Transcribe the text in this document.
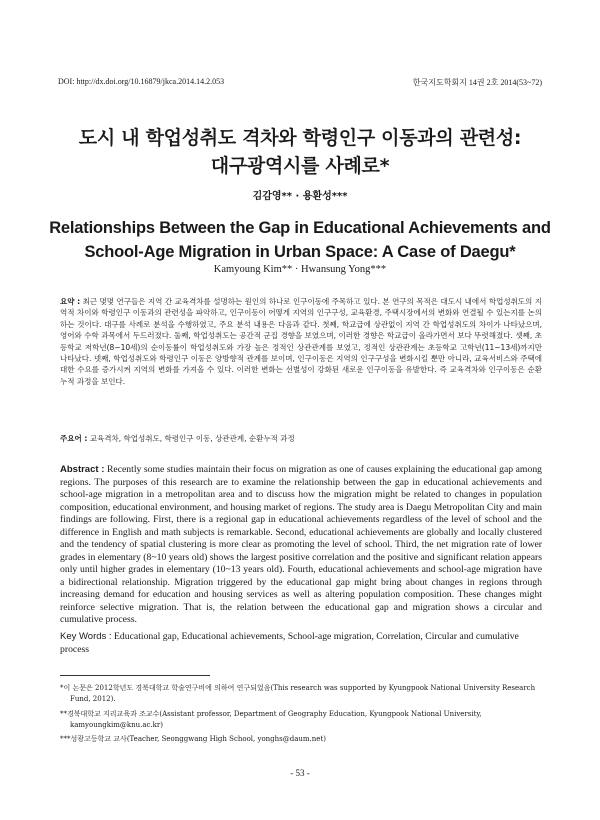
DOI: http://dx.doi.org/10.16879/jkca.2014.14.2.053	한국지도학회지 14권 2호 2014(53~72)
도시 내 학업성취도 격차와 학령인구 이동과의 관련성:
대구광역시를 사례로*
김감영** · 용환성***
Relationships Between the Gap in Educational Achievements and
School-Age Migration in Urban Space: A Case of Daegu*
Kamyoung Kim** · Hwansung Yong***
요약 : 최근 몇몇 연구들은 지역 간 교육격차를 설명하는 원인의 하나로 인구이동에 주목하고 있다. 본 연구의 목적은 대도시 내에서 학업성취도의 지역적 차이와 학령인구 이동과의 관련성을 파악하고, 인구이동이 어떻게 지역의 인구구성, 교육환경, 주택시장에서의 변화와 연결될 수 있는지를 논의하는 것이다. 대구를 사례로 분석을 수행하였고, 주요 분석 내용은 다음과 같다. 첫째, 학교급에 상관없이 지역 간 학업성취도의 차이가 나타났으며, 영어와 수학 과목에서 두드러졌다. 둘째, 학업성취도는 공간적 군집 경향을 보였으며, 이러한 경향은 학교급이 올라가면서 보다 뚜렷해졌다. 셋째, 초등학교 저학년(8~10세)의 순이동률이 학업성취도와 가장 높은 정적인 상관관계를 보였고, 정적인 상관관계는 초등학교 고학년(11~13세)까지만 나타났다. 넷째, 학업성취도와 학령인구 이동은 양방향적 관계를 보이며, 인구이동은 지역의 인구구성을 변화시킬 뿐만 아니라, 교육서비스와 주택에 대한 수요를 증가시켜 지역의 변화를 가져올 수 있다. 이러한 변화는 선별성이 강화된 새로운 인구이동을 유발한다. 즉 교육격차와 인구이동은 순환누적 과정을 보인다.
주요어 : 교육격차, 학업성취도, 학령인구 이동, 상관관계, 순환누적 과정
Abstract : Recently some studies maintain their focus on migration as one of causes explaining the educational gap among regions. The purposes of this research are to examine the relationship between the gap in educational achievements and school-age migration in a metropolitan area and to discuss how the migration might be related to changes in population composition, educational environment, and housing market of regions. The study area is Daegu Metropolitan City and main findings are following. First, there is a regional gap in educational achievements regardless of the level of school and the difference in English and math subjects is remarkable. Second, educational achievements are globally and locally clustered and the tendency of spatial clustering is more clear as promoting the level of school. Third, the net migration rate of lower grades in elementary (8~10 years old) shows the largest positive correlation and the positive and significant relation appears only until higher grades in elementary (10~13 years old). Fourth, educational achievements and school-age migration have a bidirectional relationship. Migration triggered by the educational gap might bring about changes in regions through increasing demand for education and housing services as well as altering population composition. These changes might reinforce selective migration. That is, the relation between the educational gap and migration shows a circular and cumulative process.
Key Words : Educational gap, Educational achievements, School-age migration, Correlation, Circular and cumulative process
*이 논문은 2012학년도 경북대학교 학술연구비에 의하여 연구되었음(This research was supported by Kyungpook National University Research Fund, 2012).
**경북대학교 지리교육과 조교수(Assistant professor, Department of Geography Education, Kyungpook National University, kamyoungkim@knu.ac.kr)
***성광고등학교 교사(Teacher, Seonggwang High School, yonghs@daum.net)
- 53 -
